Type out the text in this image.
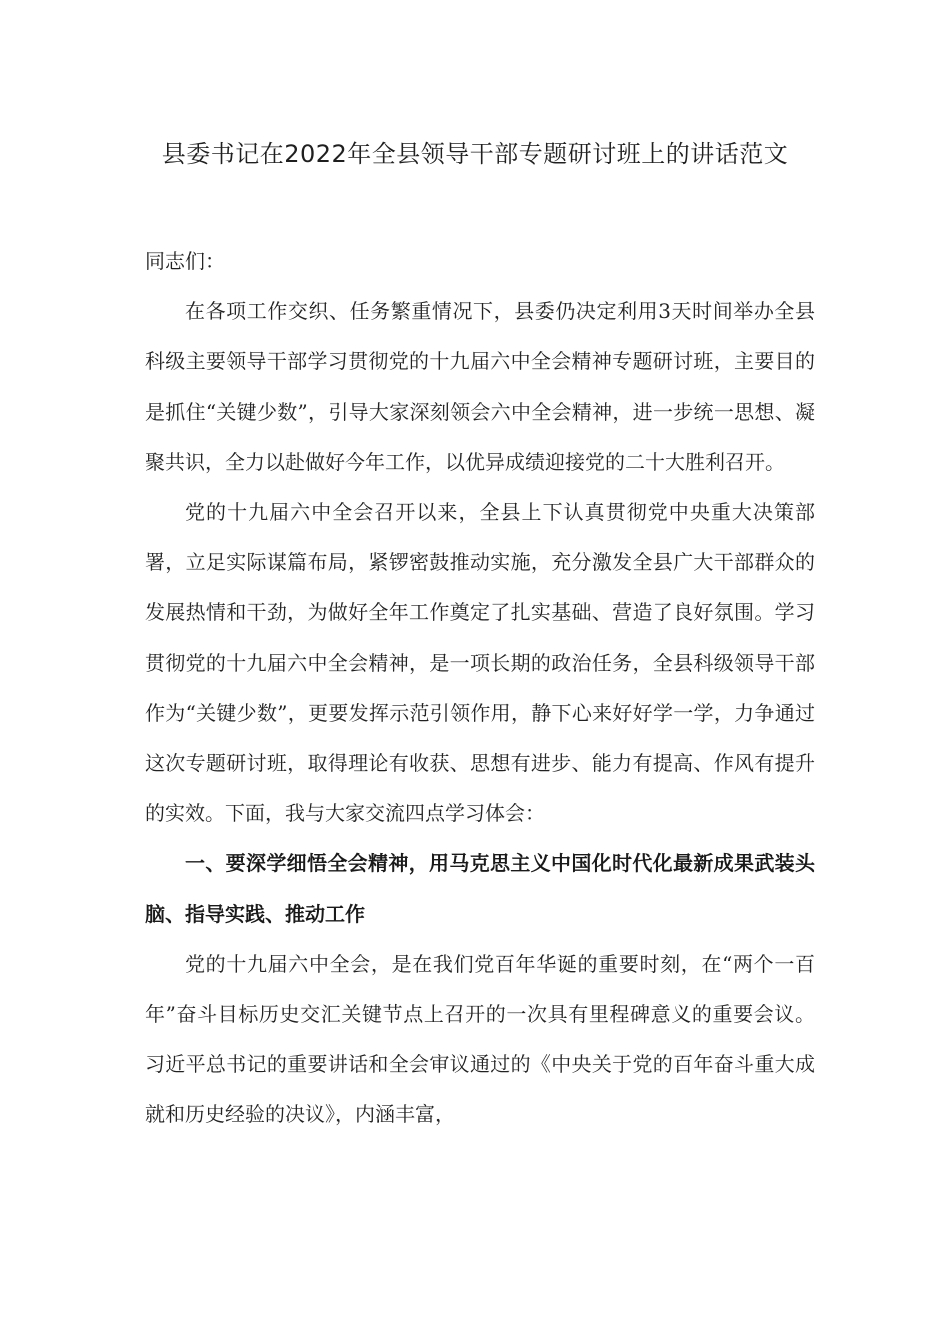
县委书记在2022年全县领导干部专题研讨班上的讲话范文

同志们：

在各项工作交织、任务繁重情况下，县委仍决定利用3天时间举办全县科级主要领导干部学习贯彻党的十九届六中全会精神专题研讨班，主要目的是抓住“关键少数”，引导大家深刻领会六中全会精神，进一步统一思想、凝聚共识，全力以赴做好今年工作，以优异成绩迎接党的二十大胜利召开。

党的十九届六中全会召开以来，全县上下认真贯彻党中央重大决策部署，立足实际谋篇布局，紧锣密鼓推动实施，充分激发全县广大干部群众的发展热情和干劲，为做好全年工作奠定了扎实基础、营造了良好氛围。学习贯彻党的十九届六中全会精神，是一项长期的政治任务，全县科级领导干部作为“关键少数”，更要发挥示范引领作用，静下心来好好学一学，力争通过这次专题研讨班，取得理论有收获、思想有进步、能力有提高、作风有提升的实效。下面，我与大家交流四点学习体会：

一、要深学细悟全会精神，用马克思主义中国化时代化最新成果武装头脑、指导实践、推动工作

党的十九届六中全会，是在我们党百年华诞的重要时刻，在“两个一百年”奋斗目标历史交汇关键节点上召开的一次具有里程碑意义的重要会议。习近平总书记的重要讲话和全会审议通过的《中央关于党的百年奋斗重大成就和历史经验的决议》，内涵丰富，
